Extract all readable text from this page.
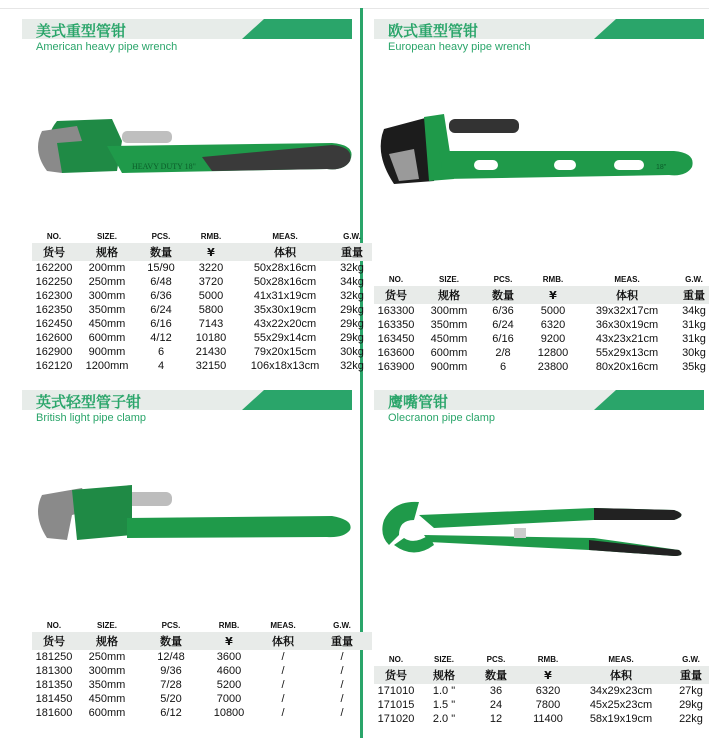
美式重型管钳
American heavy pipe wrench
HEAVY DUTY 18"
NO.	SIZE.	PCS.	RMB.	MEAS.	G.W.
货号	规格	数量	¥	体积	重量
162200	200mm	15/90	3220	50x28x16cm	32kg
162250	250mm	6/48	3720	50x28x16cm	34kg
162300	300mm	6/36	5000	41x31x19cm	32kg
162350	350mm	6/24	5800	35x30x19cm	29kg
162450	450mm	6/16	7143	43x22x20cm	29kg
162600	600mm	4/12	10180	55x29x14cm	29kg
162900	900mm	6	21430	79x20x15cm	30kg
162120	1200mm	4	32150	106x18x13cm	32kg
欧式重型管钳
European heavy pipe wrench
18"
NO.	SIZE.	PCS.	RMB.	MEAS.	G.W.
货号	规格	数量	¥	体积	重量
163300	300mm	6/36	5000	39x32x17cm	34kg
163350	350mm	6/24	6320	36x30x19cm	31kg
163450	450mm	6/16	9200	43x23x21cm	31kg
163600	600mm	2/8	12800	55x29x13cm	30kg
163900	900mm	6	23800	80x20x16cm	35kg
英式轻型管子钳
British light pipe clamp
NO.	SIZE.	PCS.	RMB.	MEAS.	G.W.
货号	规格	数量	¥	体积	重量
181250	250mm	12/48	3600	/	/
181300	300mm	9/36	4600	/	/
181350	350mm	7/28	5200	/	/
181450	450mm	5/20	7000	/	/
181600	600mm	6/12	10800	/	/
鹰嘴管钳
Olecranon pipe clamp
NO.	SIZE.	PCS.	RMB.	MEAS.	G.W.
货号	规格	数量	¥	体积	重量
171010	1.0 "	36	6320	34x29x23cm	27kg
171015	1.5 "	24	7800	45x25x23cm	29kg
171020	2.0 "	12	11400	58x19x19cm	22kg
